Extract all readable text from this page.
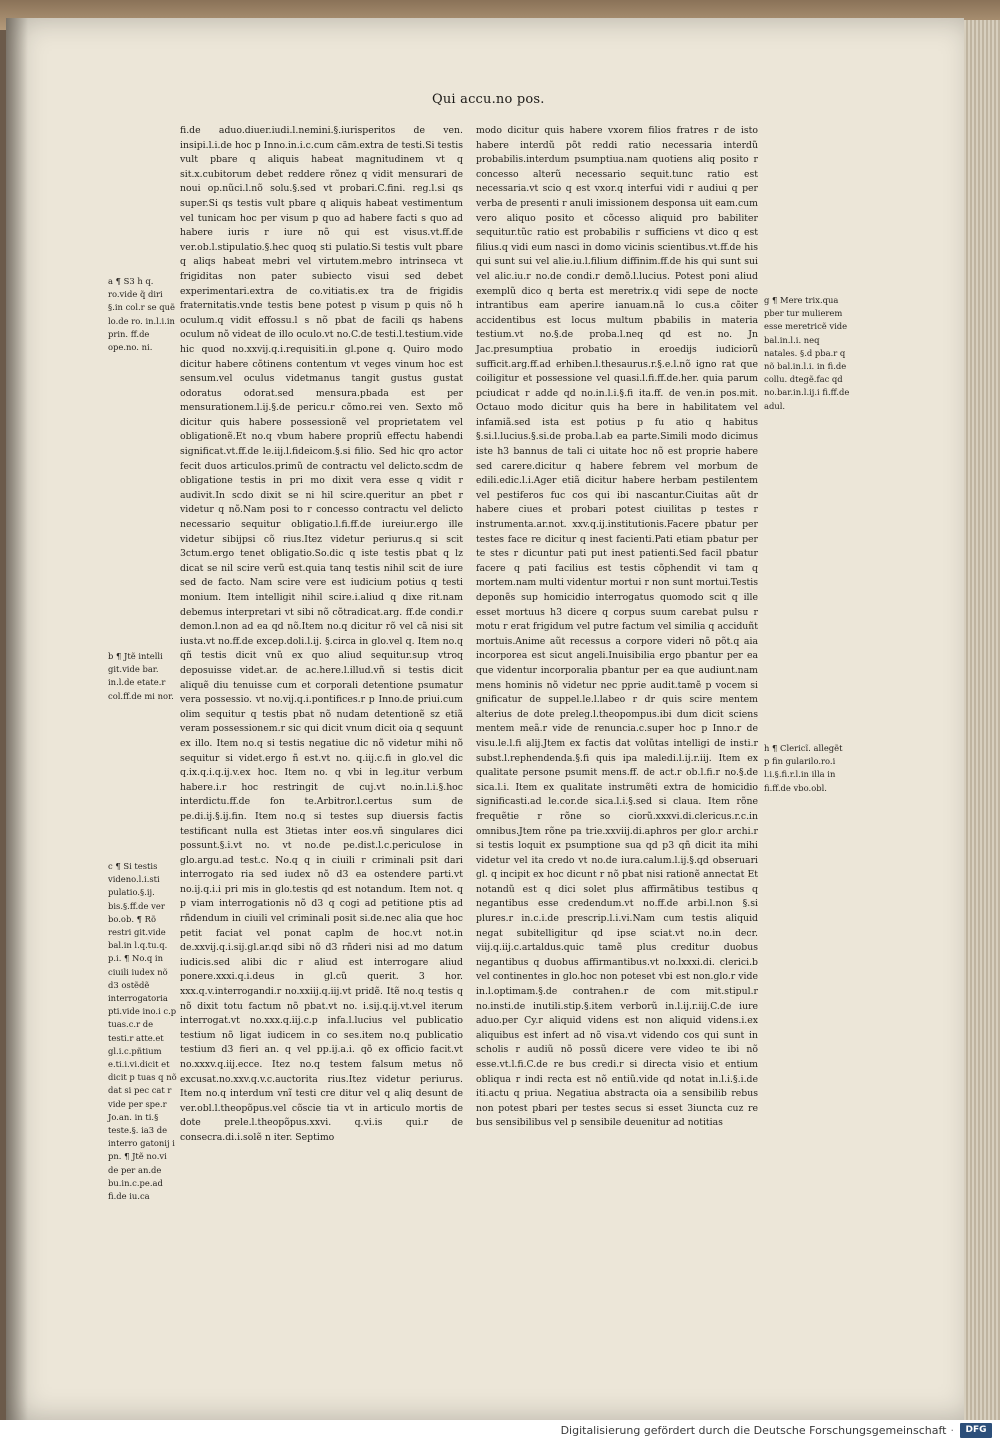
Qui accu.no pos.
fi.de aduo.diuer.iudi.l.nemini.§.iurisperitos de ven. insipi.l.i.de hoc p Inno.in.i.c.cum căm.extra de testi.Si testis vult pbare q aliquis habeat magnitudinem vt q sit.x.cubitorum debet reddere rõnez q vidit mensurari de noui op.nũci.l.nõ solu.§.sed vt probari.C.fini. reg.l.si qs super.Si qs testis vult pbare q aliquis habeat vestimentum vel tunicam hoc per visum p quo ad habere facti s quo ad habere iuris r iure nõ qui est visus.vt.ff.de ver.ob.l.stipulatio.§.hec quoq sti pulatio.Si testis vult pbare q aliqs habeat mebri vel virtutem.mebro intrinseca vt frigiditas non pater subiecto visui sed debet experimentari.extra de co.vitiatis.ex tra de frigidis fraternitatis.vnde testis bene potest p visum p quis nõ h oculum.q vidit effossu.l s nõ pbat de facili qs habens oculum nõ videat de illo oculo.vt no.C.de testi.l.testium.vide hic quod no.xxvij.q.i.requisiti.in gl.pone q. Quiro modo dicitur habere cõtinens contentum vt veges vinum hoc est sensum.vel oculus videtmanus tangit gustus gustat odoratus odorat.sed mensura.pbada est per mensurationem.l.ij.§.de pericu.r cõmo.rei ven. Sexto mõ dicitur quis habere possessionẽ vel proprietatem vel obligationẽ.Et no.q vbum habere propriũ effectu habendi significat.vt.ff.de le.iij.l.fideicom.§.si filio. Sed hic qro actor fecit duos articulos.primũ de contractu vel delicto.scdm de obligatione testis in pri mo dixit vera esse q vidit r audivit.In scdo dixit se ni hil scire.queritur an pbet r videtur q nõ.Nam posi to r concesso contractu vel delicto necessario sequitur obligatio.l.fi.ff.de iureiur.ergo ille videtur sibijpsi cõ rius.Itez videtur periurus.q si scit 3ctum.ergo tenet obligatio.So.dic q iste testis pbat q lz dicat se nil scire verũ est.quia tanq testis nihil scit de iure sed de facto. Nam scire vere est iudicium potius q testi monium. Item intelligit nihil scire.i.aliud q dixe rit.nam debemus interpretari vt sibi nõ cõtradicat.arg. ff.de condi.r demon.l.non ad ea qd nõ.Item no.q dicitur rõ vel cã nisi sit iusta.vt no.ff.de excep.doli.l.ij. §.circa in glo.vel q. Item no.q qñ testis dicit vnũ ex quo aliud sequitur.sup vtroq deposuisse videt.ar. de ac.here.l.illud.vñ si testis dicit aliquẽ diu tenuisse cum et corporali detentione psumatur vera possessio. vt no.vij.q.i.pontifices.r p Inno.de priui.cum olim sequitur q testis pbat nõ nudam detentionẽ sz etiã veram possessionem.r sic qui dicit vnum dicit oia q sequunt ex illo. Item no.q si testis negatiue dic nõ videtur mihi nõ sequitur si videt.ergo ñ est.vt no. q.iij.c.fi in glo.vel dic q.ix.q.i.q.ij.v.ex hoc. Item no. q vbi in leg.itur verbum habere.i.r hoc restringit de cuj.vt no.in.l.i.§.hoc interdictu.ff.de fon te.Arbitror.l.certus sum de pe.di.ij.§.ij.fin. Item no.q si testes sup diuersis factis testificant nulla est 3tietas inter eos.vñ singulares dici possunt.§.i.vt no. vt no.de pe.dist.l.c.periculose in glo.argu.ad test.c. No.q q in ciuili r criminali psit dari interrogato ria sed iudex nõ d3 ea ostendere parti.vt no.ij.q.i.i pri mis in glo.testis qd est notandum. Item not. q p viam interrogationis nõ d3 q cogi ad petitione ptis ad rñdendum in ciuili vel criminali posit si.de.nec alia que hoc petit faciat vel ponat caplm de hoc.vt not.in de.xxvij.q.i.sij.gl.ar.qd sibi nõ d3 rñderi nisi ad mo datum iudicis.sed alibi dic r aliud est interrogare aliud ponere.xxxi.q.i.deus in gl.cũ querit. 3 hor. xxx.q.v.interrogandi.r no.xxiij.q.iij.vt pridẽ. Itẽ no.q testis q nõ dixit totu factum nõ pbat.vt no. i.sij.q.ij.vt.vel iterum interrogat.vt no.xxx.q.iij.c.p infa.l.lucius vel publicatio testium nõ ligat iudicem in co ses.item no.q publicatio testium d3 fieri an. q vel pp.ij.a.i. qõ ex officio facit.vt no.xxxv.q.iij.ecce. Itez no.q testem falsum metus nõ excusat.no.xxv.q.v.c.auctorita rius.Itez videtur periurus. Item no.q interdum vnĩ testi cre ditur vel q aliq desunt de ver.obl.l.theopõpus.vel cõscie tia vt in articulo mortis de dote prele.l.theopõpus.xxvi. q.vi.is qui.r de consecra.di.i.solẽ n iter. Septimo
modo dicitur quis habere vxorem filios fratres r de isto habere interdũ põt reddi ratio necessaria interdũ probabilis.interdum psumptiua.nam quotiens aliq posito r concesso alterũ necessario sequit.tunc ratio est necessaria.vt scio q est vxor.q interfui vidi r audiui q per verba de presenti r anuli imissionem desponsa uit eam.cum vero aliquo posito et cõcesso aliquid pro babiliter sequitur.tũc ratio est probabilis r sufficiens vt dico q est filius.q vidi eum nasci in domo vicinis scientibus.vt.ff.de his qui sunt sui vel alie.iu.l.filium diffinim.ff.de his qui sunt sui vel alic.iu.r no.de condi.r demõ.l.lucius. Potest poni aliud exemplũ dico q berta est meretrix.q vidi sepe de nocte intrantibus eam aperire ianuam.nã lo cus.a cõiter accidentibus est locus multum pbabilis in materia testium.vt no.§.de proba.l.neq qd est no. Jn Jac.presumptiua probatio in eroedijs iudiciorũ sufficit.arg.ff.ad erhiben.l.thesaurus.r.§.e.l.nõ igno rat que coiligitur et possessione vel quasi.l.fi.ff.de.her. quia parum pciudicat r adde qd no.in.l.i.§.fi ita.ff. de ven.in pos.mit. Octauo modo dicitur quis ha bere in habilitatem vel infamiã.sed ista est potius p fu atio q habitus §.si.l.lucius.§.si.de proba.l.ab ea parte.Simili modo dicimus iste h3 bannus de tali ci uitate hoc nõ est proprie habere sed carere.dicitur q habere febrem vel morbum de edili.edic.l.i.Ager etiã dicitur habere herbam pestilentem vel pestiferos fuc cos qui ibi nascantur.Ciuitas aũt dr habere ciues et probari potest ciuilitas p testes r instrumenta.ar.not. xxv.q.ij.institutionis.Facere pbatur per testes face re dicitur q inest facienti.Pati etiam pbatur per te stes r dicuntur pati put inest patienti.Sed facil pbatur facere q pati facilius est testis cõphendit vi tam q mortem.nam multi videntur mortui r non sunt mortui.Testis deponẽs sup homicidio interrogatus quomodo scit q ille esset mortuus h3 dicere q corpus suum carebat pulsu r motu r erat frigidum vel putre factum vel similia q acciduñt mortuis.Anime aũt recessus a corpore videri nõ põt.q aia incorporea est sicut angeli.Inuisibilia ergo pbantur per ea que videntur incorporalia pbantur per ea que audiunt.nam mens hominis nõ videtur nec pprie audit.tamẽ p vocem si gnificatur de suppel.le.l.labeo r dr quis scire mentem alterius de dote preleg.l.theopompus.ibi dum dicit sciens mentem meã.r vide de renuncia.c.super hoc p Inno.r de visu.le.l.fi alij.Jtem ex factis dat volũtas intelligi de insti.r subst.l.rephendenda.§.fi quis ipa maledi.l.ij.r.iij. Item ex qualitate persone psumit mens.ff. de act.r ob.l.fi.r no.§.de sica.l.i. Item ex qualitate instrumẽti extra de homicidio significasti.ad le.cor.de sica.l.i.§.sed si claua. Item rõne frequẽtie r rõne so ciorũ.xxxvi.di.clericus.r.c.in omnibus.Jtem rõne pa trie.xxviij.di.aphros per glo.r archi.r si testis loquit ex psumptione sua qd p3 qñ dicit ita mihi videtur vel ita credo vt no.de iura.calum.l.ij.§.qd obseruari gl. q incipit ex hoc dicunt r nõ pbat nisi rationẽ annectat Et notandũ est q dici solet plus affirmãtibus testibus q negantibus esse credendum.vt no.ff.de arbi.l.non §.si plures.r in.c.i.de prescrip.l.i.vi.Nam cum testis aliquid negat subitelligitur qd ipse sciat.vt no.in decr. viij.q.iij.c.artaldus.quic tamẽ plus creditur duobus negantibus q duobus affirmantibus.vt no.lxxxi.di. clerici.b vel continentes in glo.hoc non poteset vbi est non.glo.r vide in.l.optimam.§.de contrahen.r de com mit.stipul.r no.insti.de inutili.stip.§.item verborũ in.l.ij.r.iij.C.de iure aduo.per Cy.r aliquid videns est non aliquid videns.i.ex aliquibus est infert ad nõ visa.vt videndo cos qui sunt in scholis r audiũ nõ possũ dicere vere video te ibi nõ esse.vt.l.fi.C.de re bus credi.r si directa visio et entium obliqua r indi recta est nõ entiũ.vide qd notat in.l.i.§.i.de iti.actu q priua. Negatiua abstracta oia a sensibilib rebus non potest pbari per testes secus si esset 3iuncta cuz re bus sensibilibus vel p sensibile deuenitur ad notitias
a ¶ S3 h q. ro.vide q̃ diri §.in col.r se quẽ lo.de ro. in.l.i.in prin. ff.de ope.no. ni.
b ¶ Jtẽ intelli git.vide bar. in.l.de etate.r col.ff.de mi nor.
c ¶ Si testis videno.l.i.sti pulatio.§.ij. bis.§.ff.de ver bo.ob. ¶ Rõ restri git.vide bal.in l.q.tu.q. p.i. ¶ No.q in ciuili iudex nõ d3 ostẽdẽ interrogatoria pti.vide ino.i c.p tuas.c.r de testi.r atte.et gl.i.c.pñtium e.ti.i.vi.dicit et dicit p tuas q nõ dat si pec cat r vide per spe.r Jo.an. in ti.§ teste.§. ia3 de interro gatonij i pn. ¶ Jtẽ no.vi de per an.de bu.in.c.pe.ad fi.de iu.ca
g ¶ Mere trix.qua pber tur mulierem esse meretricẽ vide bal.in.l.i. neq natales. §.d pba.r q nõ bal.in.l.i. in fi.de collu. dtegẽ.fac qd no.bar.in.l.ij.i fi.ff.de adul.
h ¶ Clericĩ. allegẽt p fin gularilo.ro.i l.i.§.fi.r.l.in illa in fi.ff.de vbo.obl.
Digitalisierung gefördert durch die Deutsche Forschungsgemeinschaft ·	DFG
